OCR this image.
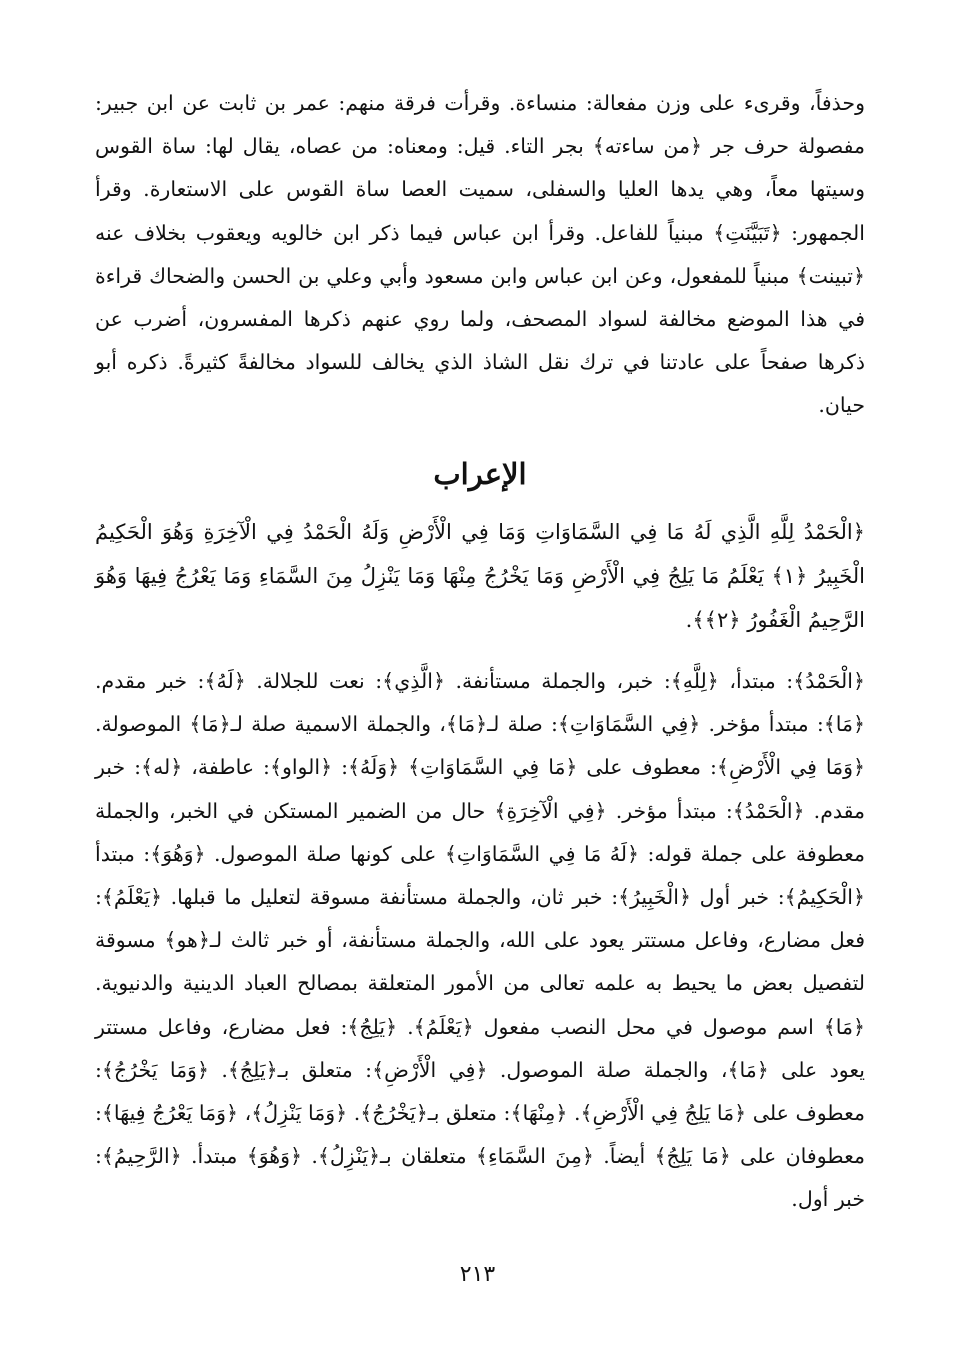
وحذفاً، وقرىء على وزن مفعالة: منساءة. وقرأت فرقة منهم: عمر بن ثابت عن ابن جبير: مفصولة حرف جر ﴿من ساءته﴾ بجر التاء. قيل: ومعناه: من عصاه، يقال لها: ساة القوس وسيتها معاً، وهي يدها العليا والسفلى، سميت العصا ساة القوس على الاستعارة. وقرأ الجمهور: ﴿تَبَيَّنَتِ﴾ مبنياً للفاعل. وقرأ ابن عباس فيما ذكر ابن خالويه ويعقوب بخلاف عنه ﴿تبينت﴾ مبنياً للمفعول، وعن ابن عباس وابن مسعود وأبي وعلي بن الحسن والضحاك قراءة في هذا الموضع مخالفة لسواد المصحف، ولما روي عنهم ذكرها المفسرون، أضرب عن ذكرها صفحاً على عادتنا في ترك نقل الشاذ الذي يخالف للسواد مخالفةً كثيرةً. ذكره أبو حيان.

الإعراب

﴿الْحَمْدُ لِلَّهِ الَّذِي لَهُ مَا فِي السَّمَاوَاتِ وَمَا فِي الْأَرْضِ وَلَهُ الْحَمْدُ فِي الْآخِرَةِ وَهُوَ الْحَكِيمُ الْخَبِيرُ ﴿١﴾ يَعْلَمُ مَا يَلِجُ فِي الْأَرْضِ وَمَا يَخْرُجُ مِنْهَا وَمَا يَنْزِلُ مِنَ السَّمَاءِ وَمَا يَعْرُجُ فِيهَا وَهُوَ الرَّحِيمُ الْغَفُورُ ﴿٢﴾﴾.

﴿الْحَمْدُ﴾: مبتدأ، ﴿لِلَّهِ﴾: خبر، والجملة مستأنفة. ﴿الَّذِي﴾: نعت للجلالة. ﴿لَهُ﴾: خبر مقدم. ﴿مَا﴾: مبتدأ مؤخر. ﴿فِي السَّمَاوَاتِ﴾: صلة لـ﴿مَا﴾، والجملة الاسمية صلة لـ﴿مَا﴾ الموصولة. ﴿وَمَا فِي الْأَرْضِ﴾: معطوف على ﴿مَا فِي السَّمَاوَاتِ﴾ ﴿وَلَهُ﴾: ﴿الواو﴾: عاطفة، ﴿له﴾: خبر مقدم. ﴿الْحَمْدُ﴾: مبتدأ مؤخر. ﴿فِي الْآخِرَةِ﴾ حال من الضمير المستكن في الخبر، والجملة معطوفة على جملة قوله: ﴿لَهُ مَا فِي السَّمَاوَاتِ﴾ على كونها صلة الموصول. ﴿وَهُوَ﴾: مبتدأ ﴿الْحَكِيمُ﴾: خبر أول ﴿الْخَبِيرُ﴾: خبر ثان، والجملة مستأنفة مسوقة لتعليل ما قبلها. ﴿يَعْلَمُ﴾: فعل مضارع، وفاعل مستتر يعود على الله، والجملة مستأنفة، أو خبر ثالث لـ﴿هو﴾ مسوقة لتفصيل بعض ما يحيط به علمه تعالى من الأمور المتعلقة بمصالح العباد الدينية والدنيوية. ﴿مَا﴾ اسم موصول في محل النصب مفعول ﴿يَعْلَمُ﴾. ﴿يَلِجُ﴾: فعل مضارع، وفاعل مستتر يعود على ﴿مَا﴾، والجملة صلة الموصول. ﴿فِي الْأَرْضِ﴾: متعلق بـ﴿يَلِجُ﴾. ﴿وَمَا يَخْرُجُ﴾: معطوف على ﴿مَا يَلِجُ فِي الْأَرْضِ﴾. ﴿مِنْهَا﴾: متعلق بـ﴿يَخْرُجُ﴾. ﴿وَمَا يَنْزِلُ﴾، ﴿وَمَا يَعْرُجُ فِيهَا﴾: معطوفان على ﴿مَا يَلِجُ﴾ أيضاً. ﴿مِنَ السَّمَاءِ﴾ متعلقان بـ﴿يَنْزِلُ﴾. ﴿وَهُوَ﴾ مبتدأ. ﴿الرَّحِيمُ﴾: خبر أول.

٢١٣
